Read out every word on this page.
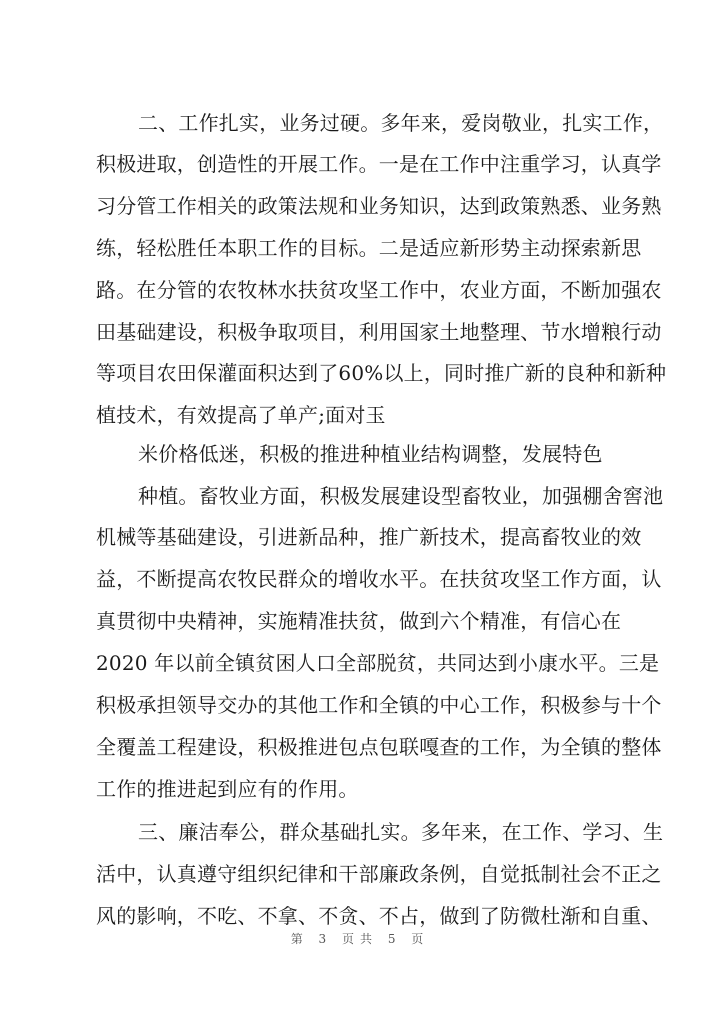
二、工作扎实，业务过硬。多年来，爱岗敬业，扎实工作，
积极进取，创造性的开展工作。一是在工作中注重学习，认真学
习分管工作相关的政策法规和业务知识，达到政策熟悉、业务熟
练，轻松胜任本职工作的目标。二是适应新形势主动探索新思
路。在分管的农牧林水扶贫攻坚工作中，农业方面，不断加强农
田基础建设，积极争取项目，利用国家土地整理、节水增粮行动
等项目农田保灌面积达到了60%以上，同时推广新的良种和新种
植技术，有效提高了单产;面对玉
米价格低迷，积极的推进种植业结构调整，发展特色
种植。畜牧业方面，积极发展建设型畜牧业，加强棚舍窖池
机械等基础建设，引进新品种，推广新技术，提高畜牧业的效
益，不断提高农牧民群众的增收水平。在扶贫攻坚工作方面，认
真贯彻中央精神，实施精准扶贫，做到六个精准，有信心在
2020 年以前全镇贫困人口全部脱贫，共同达到小康水平。三是
积极承担领导交办的其他工作和全镇的中心工作，积极参与十个
全覆盖工程建设，积极推进包点包联嘎查的工作，为全镇的整体
工作的推进起到应有的作用。
三、廉洁奉公，群众基础扎实。多年来，在工作、学习、生
活中，认真遵守组织纪律和干部廉政条例，自觉抵制社会不正之
风的影响，不吃、不拿、不贪、不占，做到了防微杜渐和自重、
第 3 页共 5 页
